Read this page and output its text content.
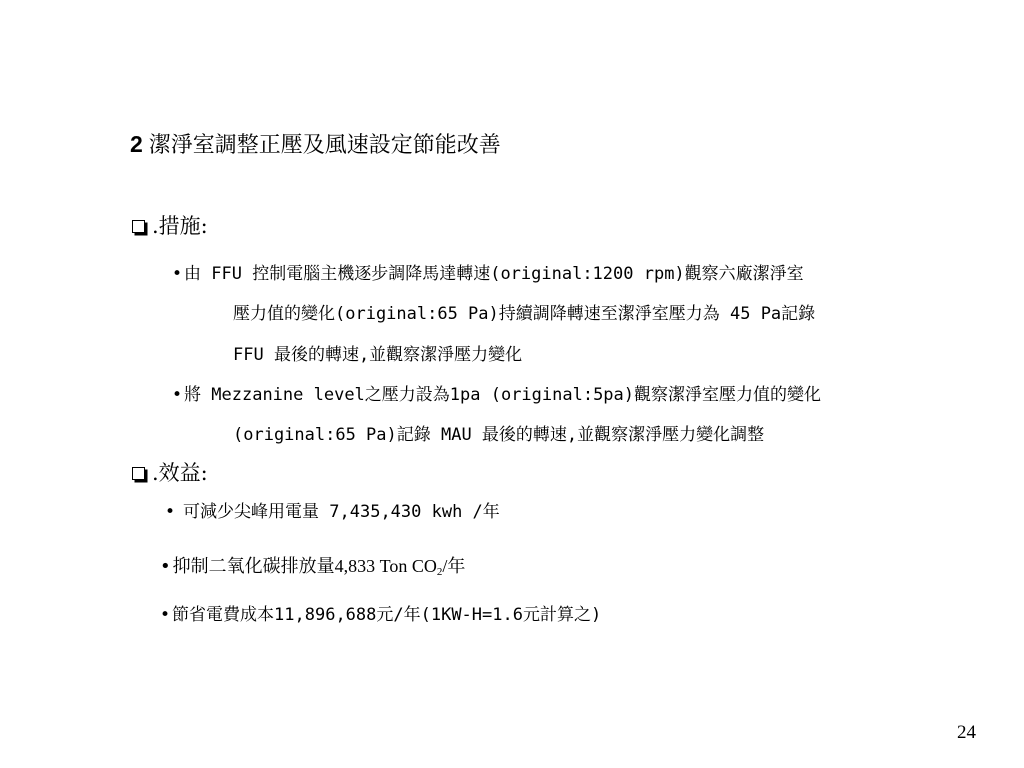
2 潔淨室調整正壓及風速設定節能改善
.措施:
• 由 FFU 控制電腦主機逐步調降馬達轉速(original:1200 rpm)觀察六廠潔淨室
壓力值的變化(original:65 Pa)持續調降轉速至潔淨室壓力為 45 Pa記錄
FFU 最後的轉速,並觀察潔淨壓力變化
• 將 Mezzanine level之壓力設為1pa (original:5pa)觀察潔淨室壓力值的變化
(original:65 Pa)記錄 MAU 最後的轉速,並觀察潔淨壓力變化調整
.效益:
• 可減少尖峰用電量 7,435,430 kwh /年
• 抑制二氧化碳排放量4,833 Ton $CO_2/$年
• 節省電費成本11,896,688元/年(1KW-H=1.6元計算之)
24
